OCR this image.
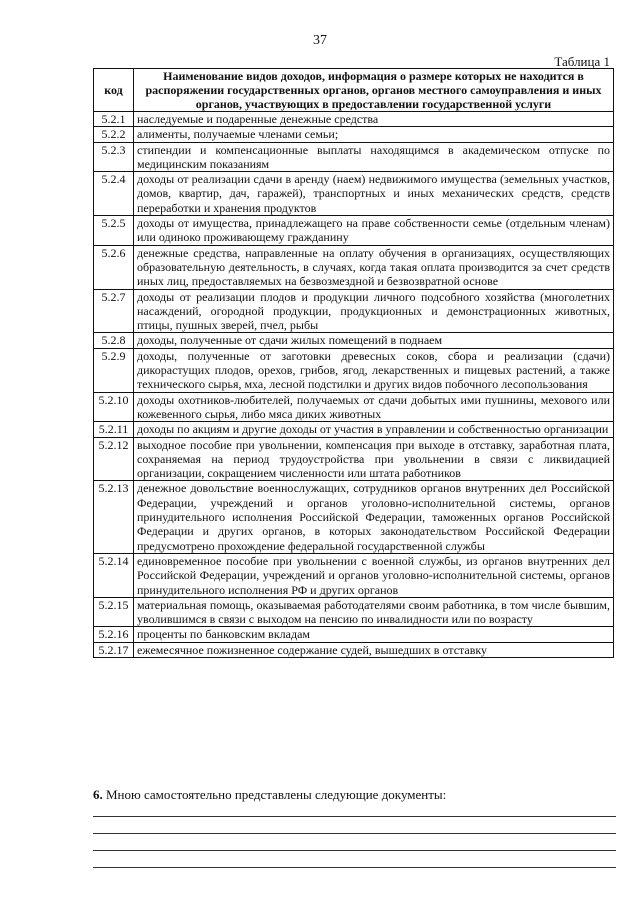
37
Таблица 1
код	Наименование видов доходов, информация о размере которых не находится в распоряжении государственных органов, органов местного самоуправления и иных органов, участвующих в предоставлении государственной услуги
5.2.1	наследуемые и подаренные денежные средства
5.2.2	алименты, получаемые членами семьи;
5.2.3	стипендии и компенсационные выплаты находящимся в академическом отпуске по медицинским показаниям
5.2.4	доходы от реализации сдачи в аренду (наем) недвижимого имущества (земельных участков, домов, квартир, дач, гаражей), транспортных и иных механических средств, средств переработки и хранения продуктов
5.2.5	доходы от имущества, принадлежащего на праве собственности семье (отдельным членам) или одиноко проживающему гражданину
5.2.6	денежные средства, направленные на оплату обучения в организациях, осуществляющих образовательную деятельность, в случаях, когда такая оплата производится за счет средств иных лиц, предоставляемых на безвозмездной и безвозвратной основе
5.2.7	доходы от реализации плодов и продукции личного подсобного хозяйства (многолетних насаждений, огородной продукции, продукционных и демонстрационных животных, птицы, пушных зверей, пчел, рыбы
5.2.8	доходы, полученные от сдачи жилых помещений в поднаем
5.2.9	доходы, полученные от заготовки древесных соков, сбора и реализации (сдачи) дикорастущих плодов, орехов, грибов, ягод, лекарственных и пищевых растений, а также технического сырья, мха, лесной подстилки и других видов побочного лесопользования
5.2.10	доходы охотников-любителей, получаемых от сдачи добытых ими пушнины, мехового или кожевенного сырья, либо мяса диких животных
5.2.11	доходы по акциям и другие доходы от участия в управлении и собственностью организации
5.2.12	выходное пособие при увольнении, компенсация при выходе в отставку, заработная плата, сохраняемая на период трудоустройства при увольнении в связи с ликвидацией организации, сокращением численности или штата работников
5.2.13	денежное довольствие военнослужащих, сотрудников органов внутренних дел Российской Федерации, учреждений и органов уголовно-исполнительной системы, органов принудительного исполнения Российской Федерации, таможенных органов Российской Федерации и других органов, в которых законодательством Российской Федерации предусмотрено прохождение федеральной государственной службы
5.2.14	единовременное пособие при увольнении с военной службы, из органов внутренних дел Российской Федерации, учреждений и органов уголовно-исполнительной системы, органов принудительного исполнения РФ и других органов
5.2.15	материальная помощь, оказываемая работодателями своим работника, в том числе бывшим, уволившимся в связи с выходом на пенсию по инвалидности или по возрасту
5.2.16	проценты по банковским вкладам
5.2.17	ежемесячное пожизненное содержание судей, вышедших в отставку
6. Мною самостоятельно представлены следующие документы:
